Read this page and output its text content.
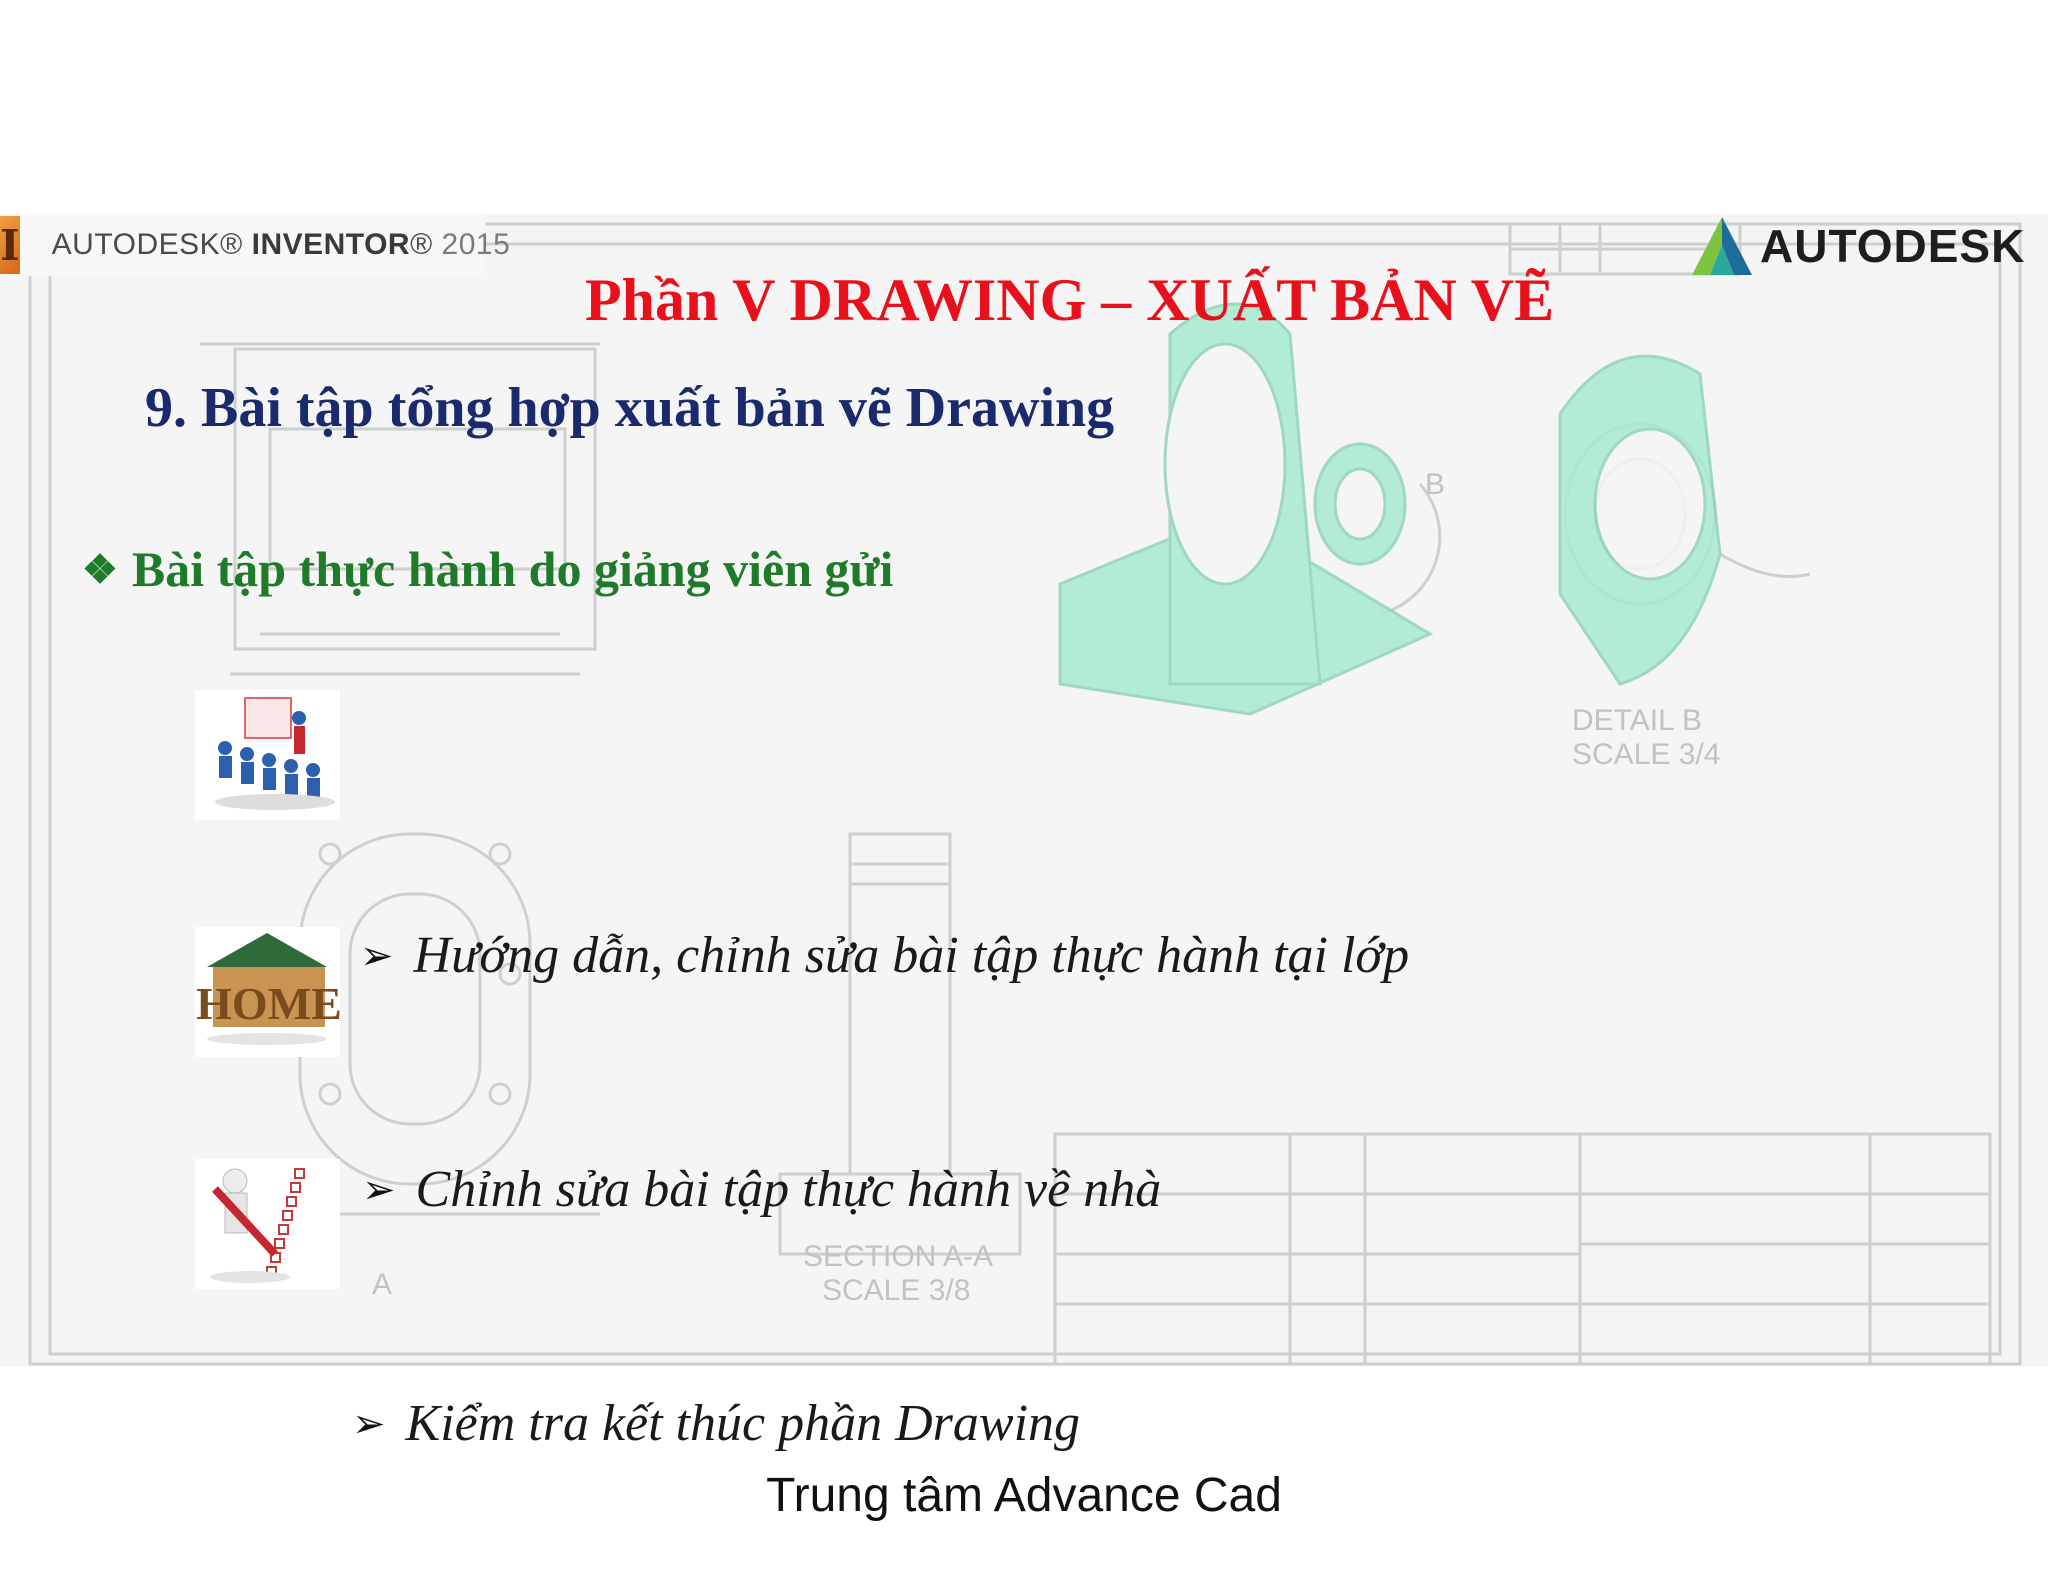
DETAIL B
SCALE 3/4
SECTION A-A
SCALE 3/8
B
A
I AUTODESK® INVENTOR® 2015	AUTODESK
Phần V DRAWING – XUẤT BẢN VẼ
9. Bài tập tổng hợp xuất bản vẽ Drawing
❖ Bài tập thực hành do giảng viên gửi
➢ Hướng dẫn, chỉnh sửa bài tập thực hành tại lớp
HOME
➢ Chỉnh sửa bài tập thực hành về nhà
➢ Kiểm tra kết thúc phần Drawing
Trung tâm Advance Cad
